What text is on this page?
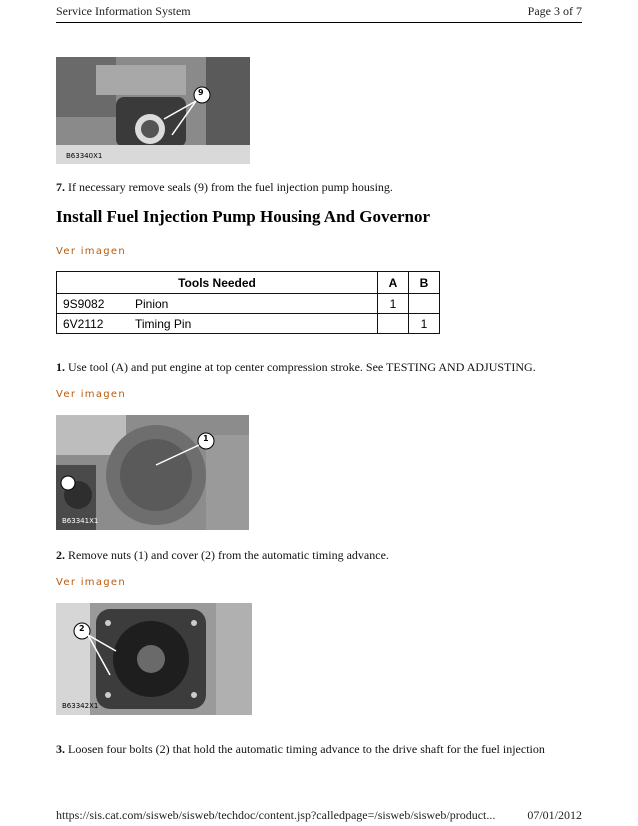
Service Information System	Page 3 of 7
9
B63340X1
7. If necessary remove seals (9) from the fuel injection pump housing.
Install Fuel Injection Pump Housing And Governor
Ver imagen
Tools Needed		A	B
9S9082	Pinion	1	
6V2112	Timing Pin		1
1. Use tool (A) and put engine at top center compression stroke. See TESTING AND ADJUSTING.
Ver imagen
1
B63341X1
2. Remove nuts (1) and cover (2) from the automatic timing advance.
Ver imagen
2
B63342X1
3. Loosen four bolts (2) that hold the automatic timing advance to the drive shaft for the fuel injection
https://sis.cat.com/sisweb/sisweb/techdoc/content.jsp?calledpage=/sisweb/sisweb/product...	07/01/2012
